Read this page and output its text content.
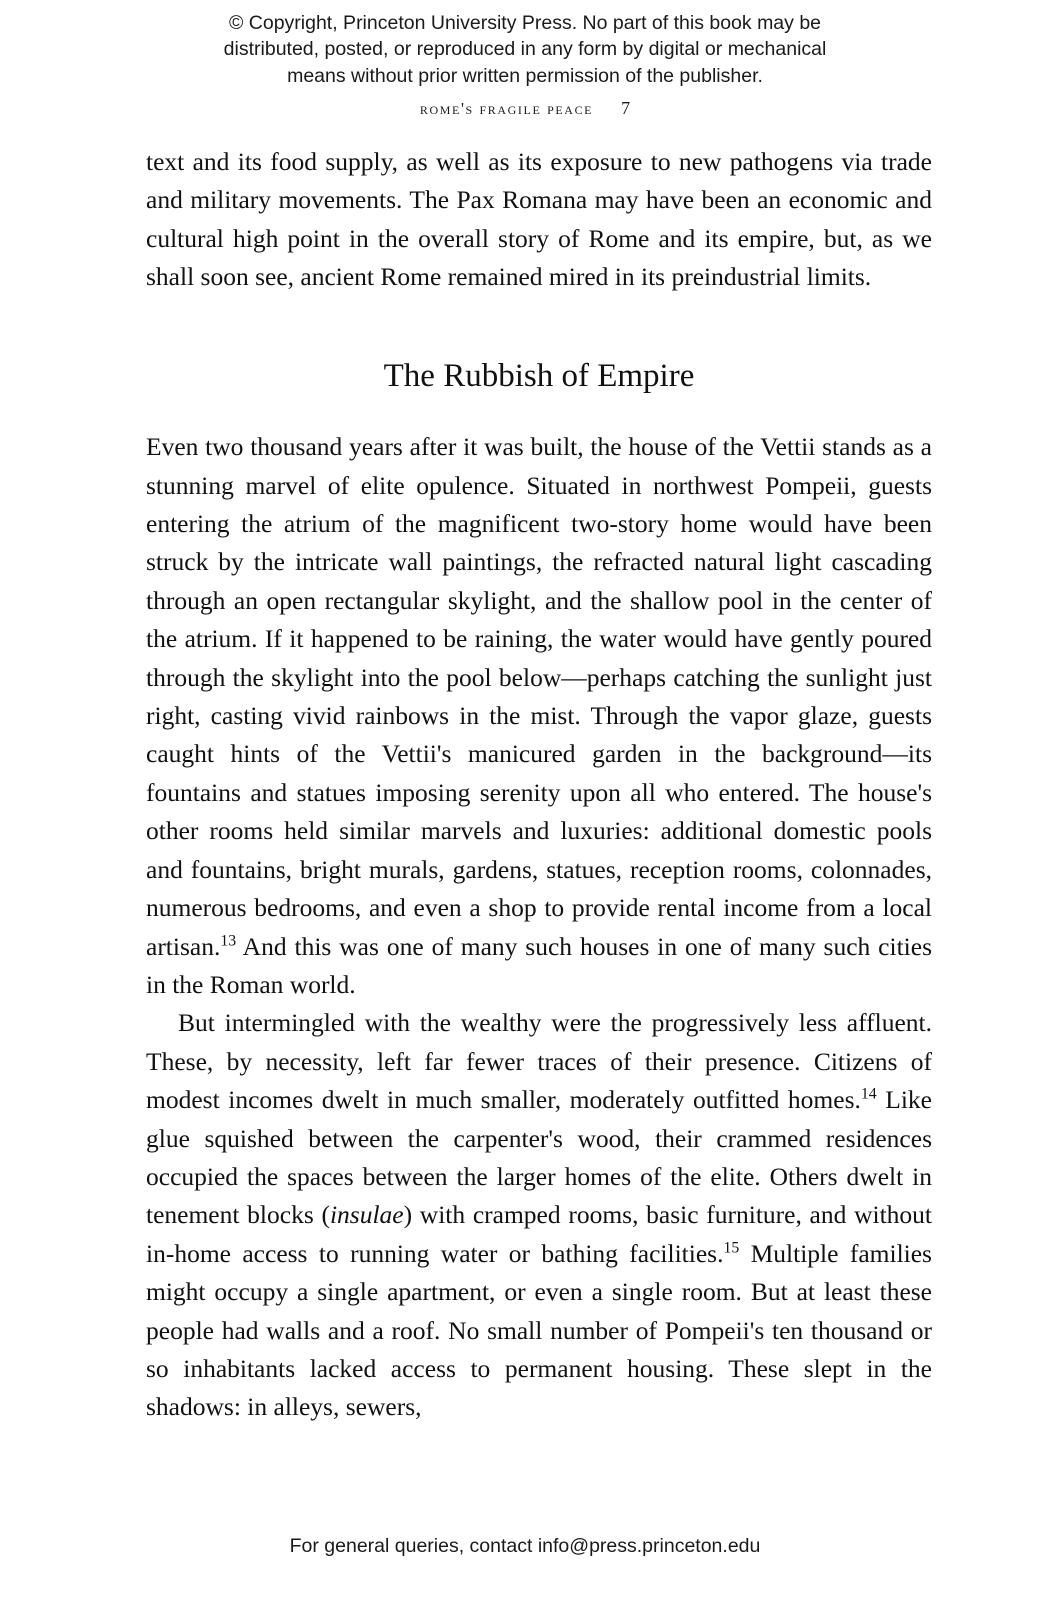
© Copyright, Princeton University Press. No part of this book may be
distributed, posted, or reproduced in any form by digital or mechanical
means without prior written permission of the publisher.
rome's fragile peace 7

text and its food supply, as well as its exposure to new pathogens via trade and military movements. The Pax Romana may have been an economic and cultural high point in the overall story of Rome and its empire, but, as we shall soon see, ancient Rome remained mired in its preindustrial limits.

The Rubbish of Empire

Even two thousand years after it was built, the house of the Vettii stands as a stunning marvel of elite opulence. Situated in northwest Pompeii, guests entering the atrium of the magnificent two-story home would have been struck by the intricate wall paintings, the refracted natural light cascading through an open rectangular skylight, and the shallow pool in the center of the atrium. If it happened to be raining, the water would have gently poured through the skylight into the pool below—perhaps catching the sunlight just right, casting vivid rainbows in the mist. Through the vapor glaze, guests caught hints of the Vettii's manicured garden in the background—its fountains and statues imposing serenity upon all who entered. The house's other rooms held similar marvels and luxuries: additional domestic pools and fountains, bright murals, gardens, statues, reception rooms, colonnades, numerous bedrooms, and even a shop to provide rental income from a local artisan.$^{13}$ And this was one of many such houses in one of many such cities in the Roman world.

But intermingled with the wealthy were the progressively less affluent. These, by necessity, left far fewer traces of their presence. Citizens of modest incomes dwelt in much smaller, moderately outfitted homes.$^{14}$ Like glue squished between the carpenter's wood, their crammed residences occupied the spaces between the larger homes of the elite. Others dwelt in tenement blocks (insulae) with cramped rooms, basic furniture, and without in-home access to running water or bathing facilities.$^{15}$ Multiple families might occupy a single apartment, or even a single room. But at least these people had walls and a roof. No small number of Pompeii's ten thousand or so inhabitants lacked access to permanent housing. These slept in the shadows: in alleys, sewers,

For general queries, contact info@press.princeton.edu
